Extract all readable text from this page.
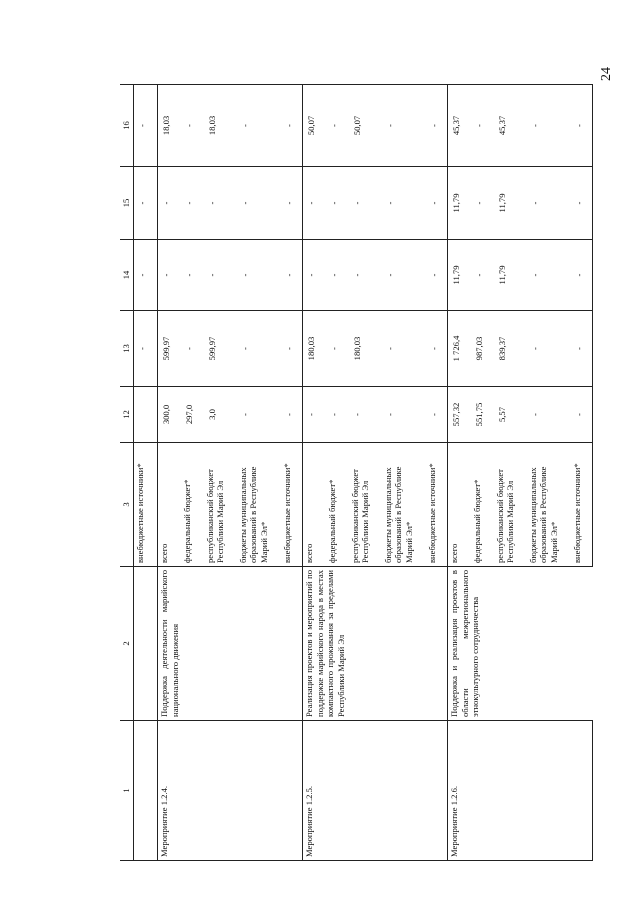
24
1	2	3	12	13	14	15	16
		внебюджетные источники*		-	-	-	-
Мероприятие 1.2.4.	Поддержка деятельности марийского национального движения	всего	300,0	599,97	-	-	18,03
		федеральный бюджет*	297,0	-	-	-	-
		республиканский бюджет Республики Марий Эл	3,0	599,97	-	-	18,03
		бюджеты муниципальных образований в Республике Марий Эл*	-	-	-	-	-
		внебюджетные источники*	-	-	-	-	-
Мероприятие 1.2.5.	Реализация проектов и мероприятий по поддержке марийского народа в местах компактного проживания за пределами Республики Марий Эл	всего	-	180,03	-	-	50,07
		федеральный бюджет*	-	-	-	-	-
		республиканский бюджет Республики Марий Эл	-	180,03	-	-	50,07
		бюджеты муниципальных образований в Республике Марий Эл*	-	-	-	-	-
		внебюджетные источники*	-	-	-	-	-
Мероприятие 1.2.6.	Поддержка и реализация проектов в области межрегионального этнокультурного сотрудничества	всего	557,32	1 726,4	11,79	11,79	45,37
		федеральный бюджет*	551,75	987,03	-	-	-
		республиканский бюджет Республики Марий Эл	5,57	839,37	11,79	11,79	45,37
		бюджеты муниципальных образований в Республике Марий Эл*	-	-	-	-	-
		внебюджетные источники*	-	-	-	-	-
